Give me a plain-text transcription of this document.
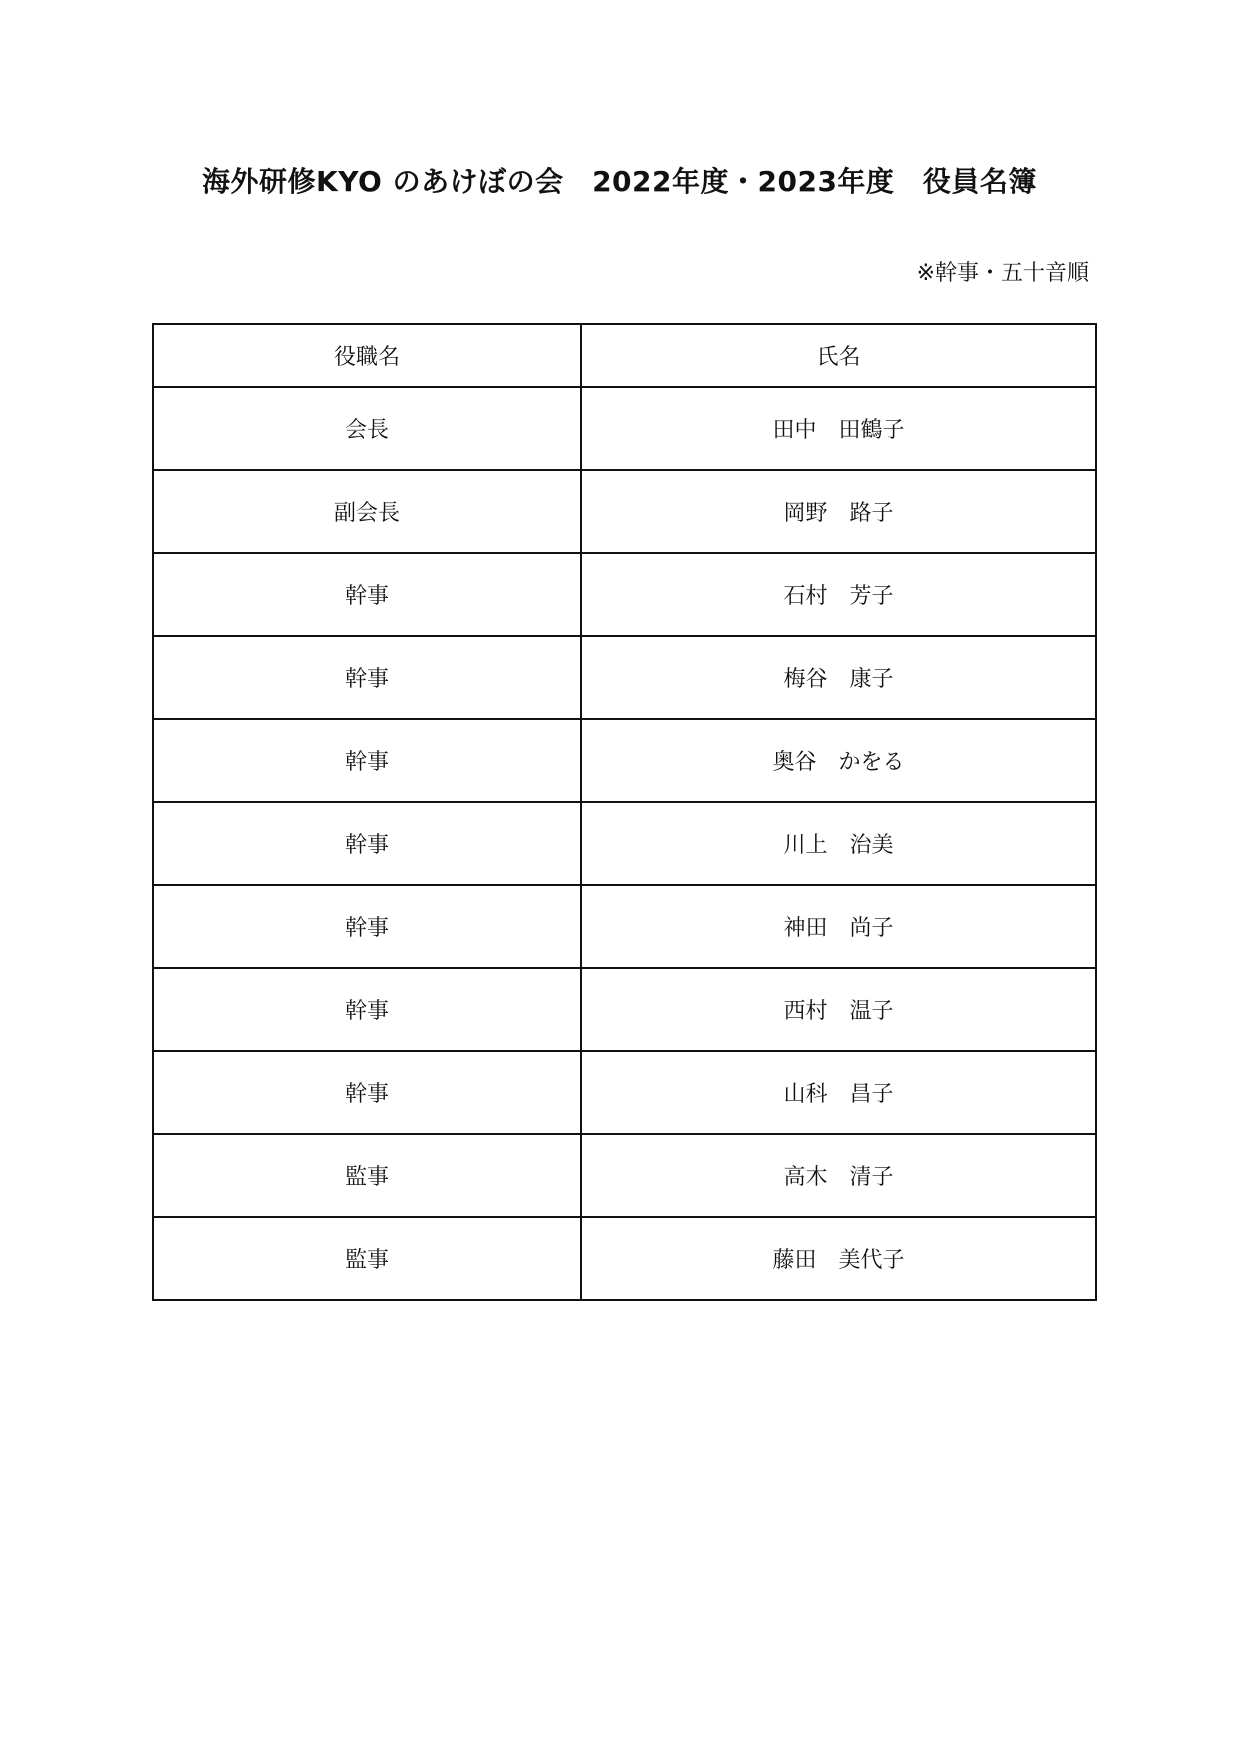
海外研修KYO のあけぼの会　2022年度・2023年度　役員名簿
※幹事・五十音順
役職名	氏名
会長	田中　田鶴子
副会長	岡野　路子
幹事	石村　芳子
幹事	梅谷　康子
幹事	奥谷　かをる
幹事	川上　治美
幹事	神田　尚子
幹事	西村　温子
幹事	山科　昌子
監事	高木　清子
監事	藤田　美代子
